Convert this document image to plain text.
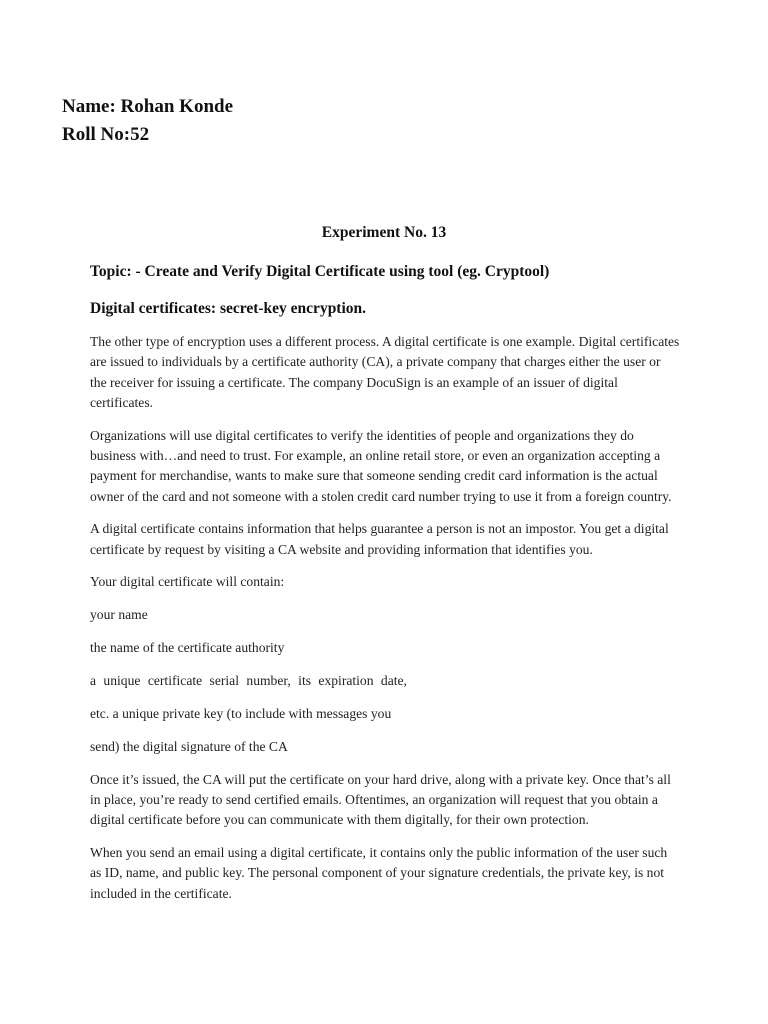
Name: Rohan Konde

Roll No:52

Experiment No. 13

Topic: - Create and Verify Digital Certificate using tool (eg. Cryptool)

Digital certificates: secret-key encryption.

The other type of encryption uses a different process. A digital certificate is one example. Digital certificates are issued to individuals by a certificate authority (CA), a private company that charges either the user or the receiver for issuing a certificate. The company DocuSign is an example of an issuer of digital certificates.

Organizations will use digital certificates to verify the identities of people and organizations they do business with…and need to trust. For example, an online retail store, or even an organization accepting a payment for merchandise, wants to make sure that someone sending credit card information is the actual owner of the card and not someone with a stolen credit card number trying to use it from a foreign country.

A digital certificate contains information that helps guarantee a person is not an impostor. You get a digital certificate by request by visiting a CA website and providing information that identifies you.

Your digital certificate will contain:

your name

the name of the certificate authority

a unique certificate serial number, its expiration date,

etc. a unique private key (to include with messages you

send) the digital signature of the CA

Once it’s issued, the CA will put the certificate on your hard drive, along with a private key. Once that’s all in place, you’re ready to send certified emails. Oftentimes, an organization will request that you obtain a digital certificate before you can communicate with them digitally, for their own protection.

When you send an email using a digital certificate, it contains only the public information of the user such as ID, name, and public key. The personal component of your signature credentials, the private key, is not included in the certificate.
